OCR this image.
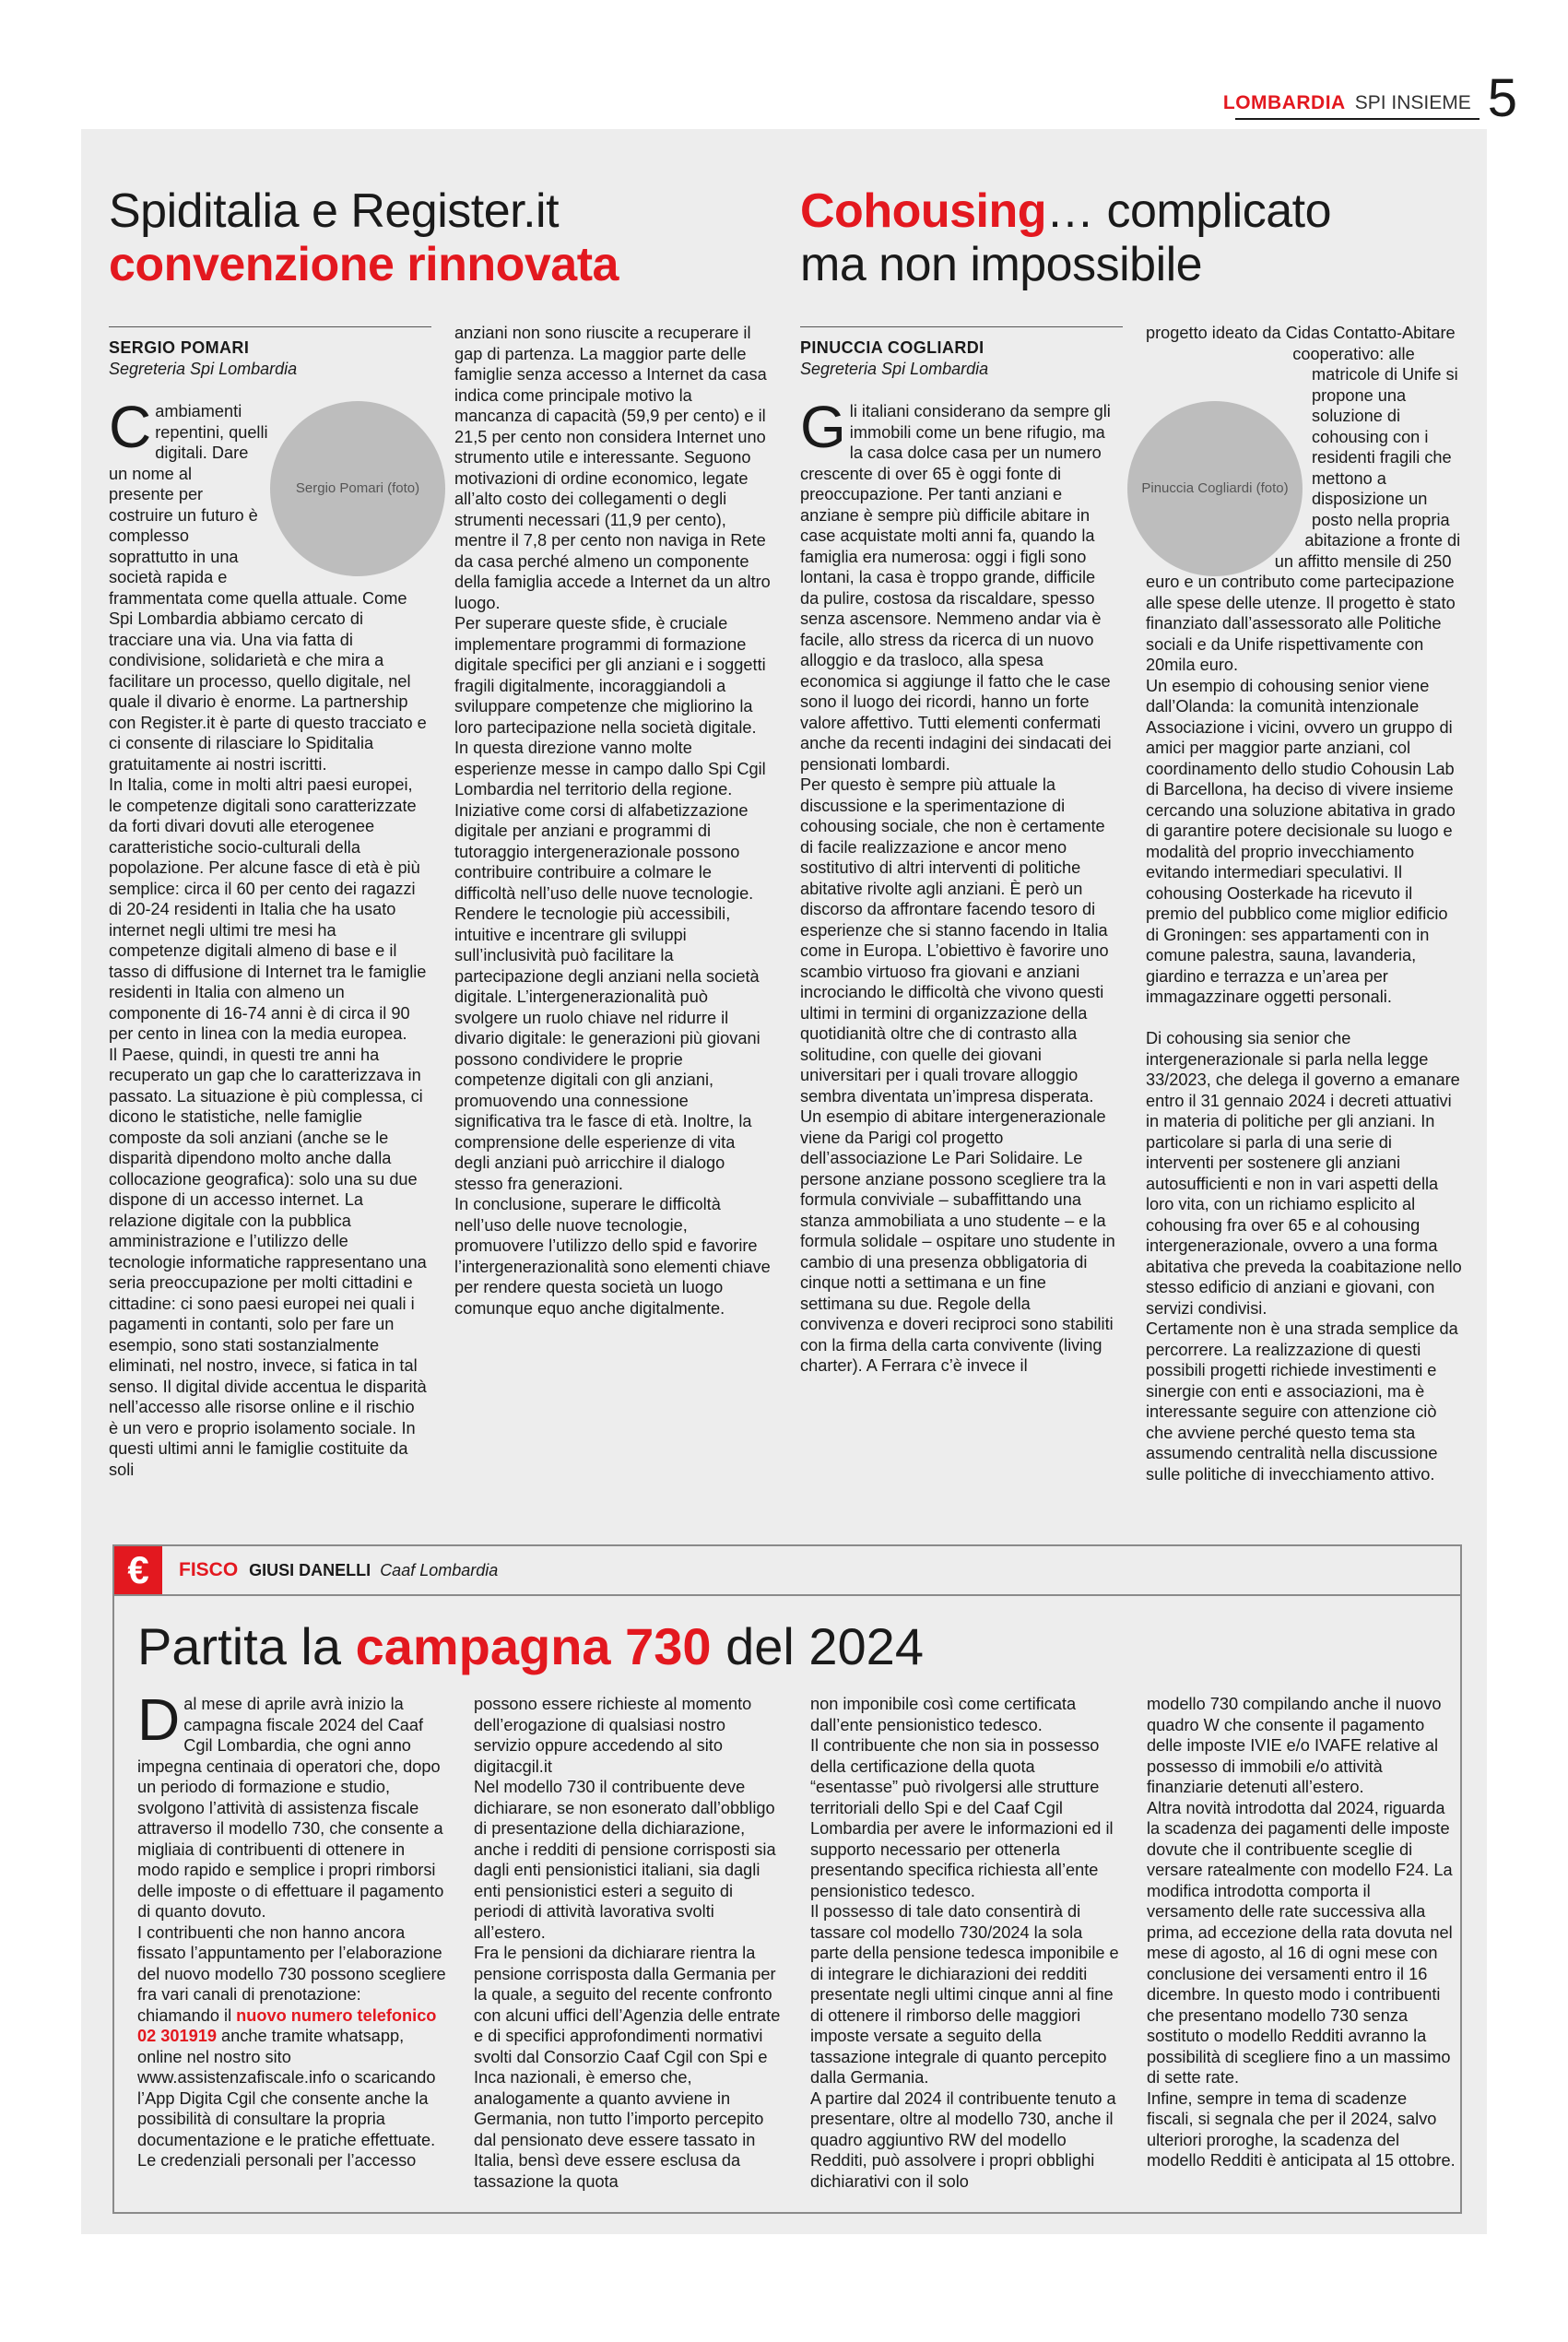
LOMBARDIA SPI INSIEME 5
Spiditalia e Register.it
convenzione rinnovata
SERGIO POMARI
Segreteria Spi Lombardia
Sergio Pomari (foto)
C ambiamenti repentini, quelli digitali. Dare un nome al presente per costruire un futuro è complesso soprattutto in una società rapida e frammentata come quella attuale. Come Spi Lombardia abbiamo cercato di tracciare una via. Una via fatta di condivisione, solidarietà e che mira a facilitare un processo, quello digitale, nel quale il divario è enorme. La partnership con Register.it è parte di questo tracciato e ci consente di rilasciare lo Spiditalia gratuitamente ai nostri iscritti.
In Italia, come in molti altri paesi europei, le competenze digitali sono caratterizzate da forti divari dovuti alle eterogenee caratteristiche socio-culturali della popolazione. Per alcune fasce di età è più semplice: circa il 60 per cento dei ragazzi di 20-24 residenti in Italia che ha usato internet negli ultimi tre mesi ha competenze digitali almeno di base e il tasso di diffusione di Internet tra le famiglie residenti in Italia con almeno un componente di 16-74 anni è di circa il 90 per cento in linea con la media europea.
Il Paese, quindi, in questi tre anni ha recuperato un gap che lo caratterizzava in passato. La situazione è più complessa, ci dicono le statistiche, nelle famiglie composte da soli anziani (anche se le disparità dipendono molto anche dalla collocazione geografica): solo una su due dispone di un accesso internet. La relazione digitale con la pubblica amministrazione e l’utilizzo delle tecnologie informatiche rappresentano una seria preoccupazione per molti cittadini e cittadine: ci sono paesi europei nei quali i pagamenti in contanti, solo per fare un esempio, sono stati sostanzialmente eliminati, nel nostro, invece, si fatica in tal senso. Il digital divide accentua le disparità nell’accesso alle risorse online e il rischio è un vero e proprio isolamento sociale. In questi ultimi anni le famiglie costituite da soli

anziani non sono riuscite a recuperare il gap di partenza. La maggior parte delle famiglie senza accesso a Internet da casa indica come principale motivo la mancanza di capacità (59,9 per cento) e il 21,5 per cento non considera Internet uno strumento utile e interessante. Seguono motivazioni di ordine economico, legate all’alto costo dei collegamenti o degli strumenti necessari (11,9 per cento), mentre il 7,8 per cento non naviga in Rete da casa perché almeno un componente della famiglia accede a Internet da un altro luogo.
Per superare queste sfide, è cruciale implementare programmi di formazione digitale specifici per gli anziani e i soggetti fragili digitalmente, incoraggiandoli a sviluppare competenze che migliorino la loro partecipazione nella società digitale. In questa direzione vanno molte esperienze messe in campo dallo Spi Cgil Lombardia nel territorio della regione. Iniziative come corsi di alfabetizzazione digitale per anziani e programmi di tutoraggio intergenerazionale possono contribuire contribuire a colmare le difficoltà nell’uso delle nuove tecnologie. Rendere le tecnologie più accessibili, intuitive e incentrare gli sviluppi sull’inclusività può facilitare la partecipazione degli anziani nella società digitale. L’intergenerazionalità può svolgere un ruolo chiave nel ridurre il divario digitale: le generazioni più giovani possono condividere le proprie competenze digitali con gli anziani, promuovendo una connessione significativa tra le fasce di età. Inoltre, la comprensione delle esperienze di vita degli anziani può arricchire il dialogo stesso fra generazioni.
In conclusione, superare le difficoltà nell’uso delle nuove tecnologie, promuovere l’utilizzo dello spid e favorire l’intergenerazionalità sono elementi chiave per rendere questa società un luogo comunque equo anche digitalmente.

Cohousing… complicato
ma non impossibile
PINUCCIA COGLIARDI
Segreteria Spi Lombardia
G li italiani considerano da sempre gli immobili come un bene rifugio, ma la casa dolce casa per un numero crescente di over 65 è oggi fonte di preoccupazione. Per tanti anziani e anziane è sempre più difficile abitare in case acquistate molti anni fa, quando la famiglia era numerosa: oggi i figli sono lontani, la casa è troppo grande, difficile da pulire, costosa da riscaldare, spesso senza ascensore. Nemmeno andar via è facile, allo stress da ricerca di un nuovo alloggio e da trasloco, alla spesa economica si aggiunge il fatto che le case sono il luogo dei ricordi, hanno un forte valore affettivo. Tutti elementi confermati anche da recenti indagini dei sindacati dei pensionati lombardi.
Per questo è sempre più attuale la discussione e la sperimentazione di cohousing sociale, che non è certamente di facile realizzazione e ancor meno sostitutivo di altri interventi di politiche abitative rivolte agli anziani. È però un discorso da affrontare facendo tesoro di esperienze che si stanno facendo in Italia come in Europa. L’obiettivo è favorire uno scambio virtuoso fra giovani e anziani incrociando le difficoltà che vivono questi ultimi in termini di organizzazione della quotidianità oltre che di contrasto alla solitudine, con quelle dei giovani universitari per i quali trovare alloggio sembra diventata un’impresa disperata.
Un esempio di abitare intergenerazionale viene da Parigi col progetto dell’associazione Le Pari Solidaire. Le persone anziane possono scegliere tra la formula conviviale – subaffittando una stanza ammobiliata a uno studente – e la formula solidale – ospitare uno studente in cambio di una presenza obbligatoria di cinque notti a settimana e un fine settimana su due. Regole della convivenza e doveri reciproci sono stabiliti con la firma della carta convivente (living charter). A Ferrara c’è invece il

Pinuccia Cogliardi (foto)

progetto ideato da Cidas Contatto-Abitare cooperativo: alle matricole di Unife si propone una soluzione di cohousing con i residenti fragili che mettono a disposizione un posto nella propria abitazione a fronte di un affitto mensile di 250 euro e un contributo come partecipazione alle spese delle utenze. Il progetto è stato finanziato dall’assessorato alle Politiche sociali e da Unife rispettivamente con 20mila euro.
Un esempio di cohousing senior viene dall’Olanda: la comunità intenzionale Associazione i vicini, ovvero un gruppo di amici per maggior parte anziani, col coordinamento dello studio Cohousin Lab di Barcellona, ha deciso di vivere insieme cercando una soluzione abitativa in grado di garantire potere decisionale su luogo e modalità del proprio invecchiamento evitando intermediari speculativi. Il cohousing Oosterkade ha ricevuto il premio del pubblico come miglior edificio di Groningen: ses appartamenti con in comune palestra, sauna, lavanderia, giardino e terrazza e un’area per immagazzinare oggetti personali.

Di cohousing sia senior che intergenerazionale si parla nella legge 33/2023, che delega il governo a emanare entro il 31 gennaio 2024 i decreti attuativi in materia di politiche per gli anziani. In particolare si parla di una serie di interventi per sostenere gli anziani autosufficienti e non in vari aspetti della loro vita, con un richiamo esplicito al cohousing fra over 65 e al cohousing intergenerazionale, ovvero a una forma abitativa che preveda la coabitazione nello stesso edificio di anziani e giovani, con servizi condivisi.
Certamente non è una strada semplice da percorrere. La realizzazione di questi possibili progetti richiede investimenti e sinergie con enti e associazioni, ma è interessante seguire con attenzione ciò che avviene perché questo tema sta assumendo centralità nella discussione sulle politiche di invecchiamento attivo.

€	FISCO GIUSI DANELLI Caaf Lombardia
Partita la campagna 730 del 2024
D al mese di aprile avrà inizio la campagna fiscale 2024 del Caaf Cgil Lombardia, che ogni anno impegna centinaia di operatori che, dopo un periodo di formazione e studio, svolgono l’attività di assistenza fiscale attraverso il modello 730, che consente a migliaia di contribuenti di ottenere in modo rapido e semplice i propri rimborsi delle imposte o di effettuare il pagamento di quanto dovuto.
I contribuenti che non hanno ancora fissato l’appuntamento per l’elaborazione del nuovo modello 730 possono scegliere fra vari canali di prenotazione: chiamando il nuovo numero telefonico 02 301919 anche tramite whatsapp, online nel nostro sito www.assistenzafiscale.info o scaricando l’App Digita Cgil che consente anche la possibilità di consultare la propria documentazione e le pratiche effettuate.
Le credenziali personali per l’accesso

possono essere richieste al momento dell’erogazione di qualsiasi nostro servizio oppure accedendo al sito digitacgil.it
Nel modello 730 il contribuente deve dichiarare, se non esonerato dall’obbligo di presentazione della dichiarazione, anche i redditi di pensione corrisposti sia dagli enti pensionistici italiani, sia dagli enti pensionistici esteri a seguito di periodi di attività lavorativa svolti all’estero.
Fra le pensioni da dichiarare rientra la pensione corrisposta dalla Germania per la quale, a seguito del recente confronto con alcuni uffici dell’Agenzia delle entrate e di specifici approfondimenti normativi svolti dal Consorzio Caaf Cgil con Spi e Inca nazionali, è emerso che, analogamente a quanto avviene in Germania, non tutto l’importo percepito dal pensionato deve essere tassato in Italia, bensì deve essere esclusa da tassazione la quota

non imponibile così come certificata dall’ente pensionistico tedesco.
Il contribuente che non sia in possesso della certificazione della quota “esentasse” può rivolgersi alle strutture territoriali dello Spi e del Caaf Cgil Lombardia per avere le informazioni ed il supporto necessario per ottenerla presentando specifica richiesta all’ente pensionistico tedesco.
Il possesso di tale dato consentirà di tassare col modello 730/2024 la sola parte della pensione tedesca imponibile e di integrare le dichiarazioni dei redditi presentate negli ultimi cinque anni al fine di ottenere il rimborso delle maggiori imposte versate a seguito della tassazione integrale di quanto percepito dalla Germania.
A partire dal 2024 il contribuente tenuto a presentare, oltre al modello 730, anche il quadro aggiuntivo RW del modello Redditi, può assolvere i propri obblighi dichiarativi con il solo

modello 730 compilando anche il nuovo quadro W che consente il pagamento delle imposte IVIE e/o IVAFE relative al possesso di immobili e/o attività finanziarie detenuti all’estero.
Altra novità introdotta dal 2024, riguarda la scadenza dei pagamenti delle imposte dovute che il contribuente sceglie di versare ratealmente con modello F24. La modifica introdotta comporta il versamento delle rate successiva alla prima, ad eccezione della rata dovuta nel mese di agosto, al 16 di ogni mese con conclusione dei versamenti entro il 16 dicembre. In questo modo i contribuenti che presentano modello 730 senza sostituto o modello Redditi avranno la possibilità di scegliere fino a un massimo di sette rate.
Infine, sempre in tema di scadenze fiscali, si segnala che per il 2024, salvo ulteriori proroghe, la scadenza del modello Redditi è anticipata al 15 ottobre.
